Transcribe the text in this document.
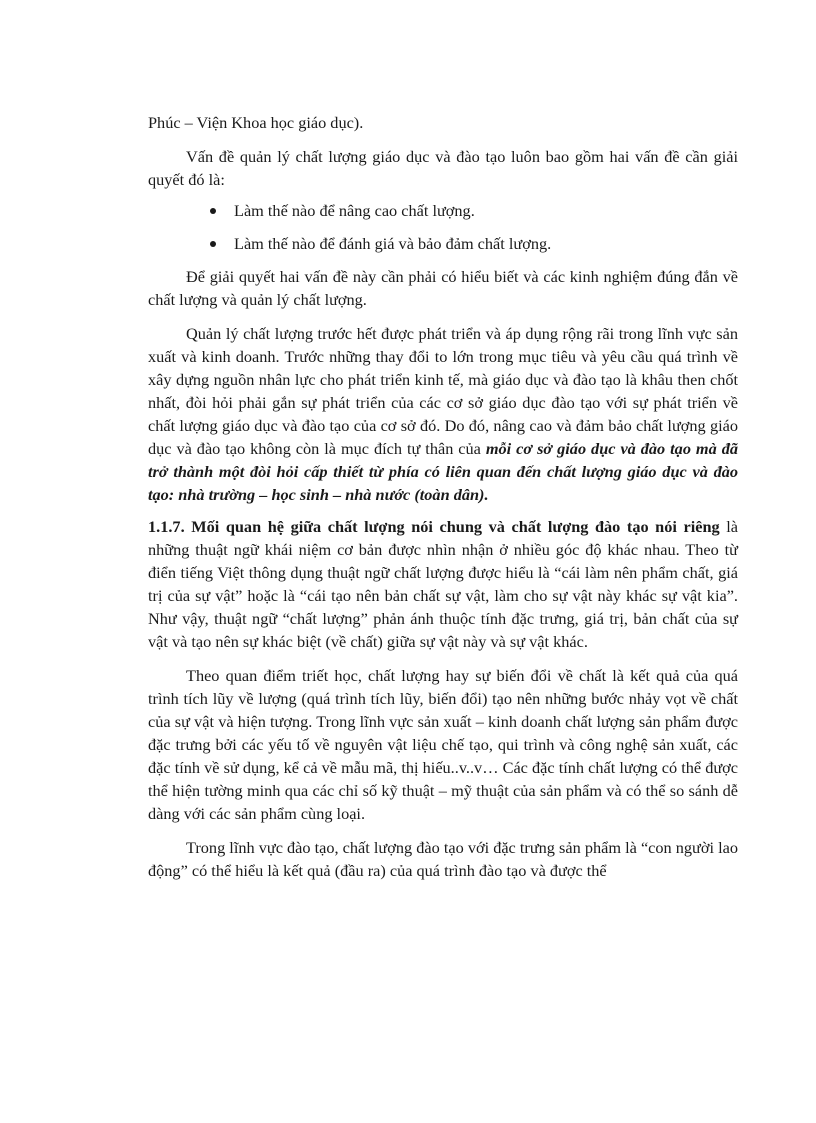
Phúc – Viện Khoa học giáo dục).

Vấn đề quản lý chất lượng giáo dục và đào tạo luôn bao gồm hai vấn đề cần giải quyết đó là:

Làm thế nào để nâng cao chất lượng.
Làm thế nào để đánh giá và bảo đảm chất lượng.

Để giải quyết hai vấn đề này cần phải có hiểu biết và các kinh nghiệm đúng đắn về chất lượng và quản lý chất lượng.

Quản lý chất lượng trước hết được phát triển và áp dụng rộng rãi trong lĩnh vực sản xuất và kinh doanh. Trước những thay đổi to lớn trong mục tiêu và yêu cầu quá trình về xây dựng nguồn nhân lực cho phát triển kinh tế, mà giáo dục và đào tạo là khâu then chốt nhất, đòi hỏi phải gắn sự phát triển của các cơ sở giáo dục đào tạo với sự phát triển về chất lượng giáo dục và đào tạo của cơ sở đó. Do đó, nâng cao và đảm bảo chất lượng giáo dục và đào tạo không còn là mục đích tự thân của mỗi cơ sở giáo dục và đào tạo mà đã trở thành một đòi hỏi cấp thiết từ phía có liên quan đến chất lượng giáo dục và đào tạo: nhà trường – học sinh – nhà nước (toàn dân).

1.1.7. Mối quan hệ giữa chất lượng nói chung và chất lượng đào tạo nói riêng là những thuật ngữ khái niệm cơ bản được nhìn nhận ở nhiều góc độ khác nhau. Theo từ điển tiếng Việt thông dụng thuật ngữ chất lượng được hiểu là “cái làm nên phẩm chất, giá trị của sự vật” hoặc là “cái tạo nên bản chất sự vật, làm cho sự vật này khác sự vật kia”. Như vậy, thuật ngữ “chất lượng” phản ánh thuộc tính đặc trưng, giá trị, bản chất của sự vật và tạo nên sự khác biệt (về chất) giữa sự vật này và sự vật khác.

Theo quan điểm triết học, chất lượng hay sự biến đổi về chất là kết quả của quá trình tích lũy về lượng (quá trình tích lũy, biến đổi) tạo nên những bước nhảy vọt về chất của sự vật và hiện tượng. Trong lĩnh vực sản xuất – kinh doanh chất lượng sản phẩm được đặc trưng bởi các yếu tố về nguyên vật liệu chế tạo, qui trình và công nghệ sản xuất, các đặc tính về sử dụng, kể cả về mẫu mã, thị hiếu..v..v… Các đặc tính chất lượng có thể được thể hiện tường minh qua các chỉ số kỹ thuật – mỹ thuật của sản phẩm và có thể so sánh dễ dàng với các sản phẩm cùng loại.

Trong lĩnh vực đào tạo, chất lượng đào tạo với đặc trưng sản phẩm là “con người lao động” có thể hiểu là kết quả (đầu ra) của quá trình đào tạo và được thể
